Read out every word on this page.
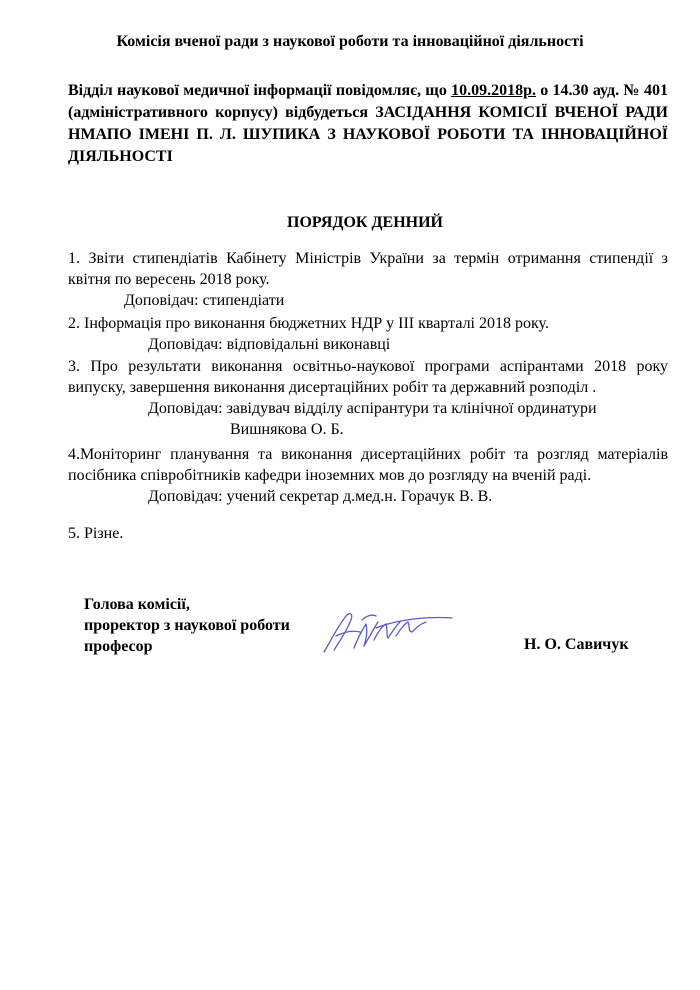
Комісія вченої ради з наукової роботи та інноваційної діяльності
Відділ наукової медичної інформації повідомляє, що 10.09.2018р. о 14.30 ауд. № 401 (адміністративного корпусу) відбудеться ЗАСІДАННЯ КОМІСІЇ ВЧЕНОЇ РАДИ НМАПО ІМЕНІ П. Л. ШУПИКА З НАУКОВОЇ РОБОТИ ТА ІННОВАЦІЙНОЇ ДІЯЛЬНОСТІ
ПОРЯДОК ДЕННИЙ

1. Звіти стипендіатів Кабінету Міністрів України за термін отримання стипендії з квітня по вересень 2018 року.

Доповідач: стипендіати

2. Інформація про виконання бюджетних НДР у ІІІ кварталі 2018 року.

Доповідач: відповідальні виконавці

3. Про результати виконання освітньо-наукової програми аспірантами 2018 року випуску, завершення виконання дисертаційних робіт та державний розподіл .

Доповідач: завідувач відділу аспірантури та клінічної ординатури
Вишнякова О. Б.

4.Моніторинг планування та виконання дисертаційних робіт та розгляд матеріалів посібника співробітників кафедри іноземних мов до розгляду на вченій раді.

Доповідач: учений секретар д.мед.н. Горачук В. В.

5. Різне.

Голова комісії,
проректор з наукової роботи
професор	Н. О. Савичук
